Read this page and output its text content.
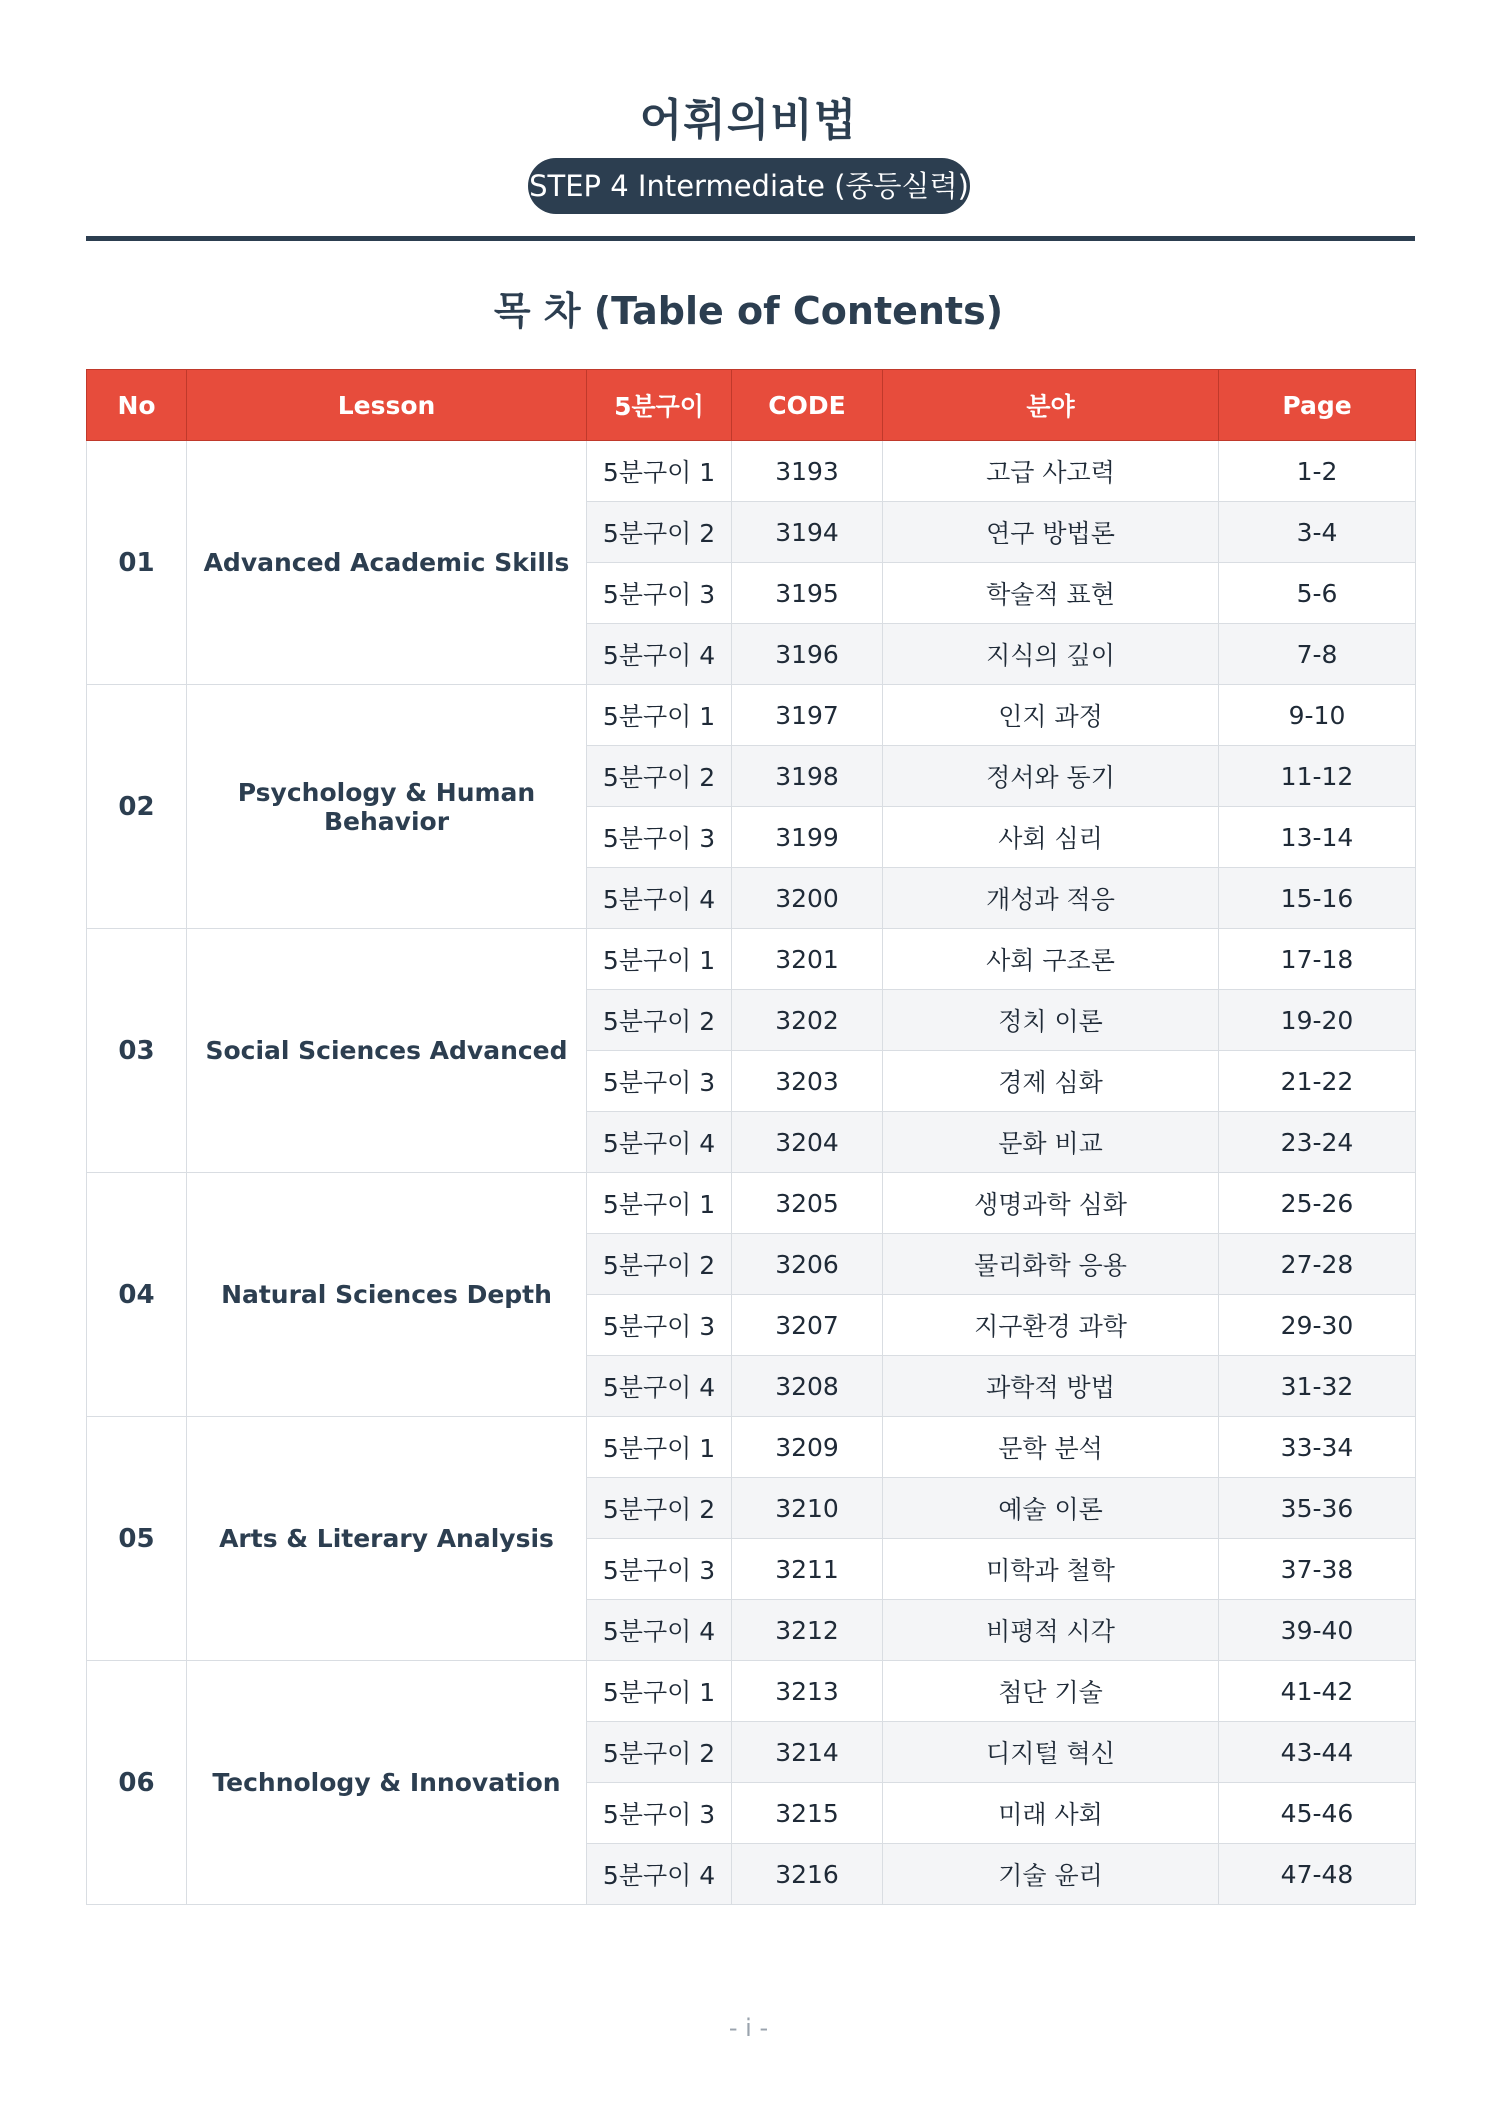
어휘의비법
STEP 4 Intermediate (중등실력)
목 차 (Table of Contents)
No	Lesson	5분구이	CODE	분야	Page
01	Advanced Academic Skills	5분구이 1	3193	고급 사고력	1-2
		5분구이 2	3194	연구 방법론	3-4
		5분구이 3	3195	학술적 표현	5-6
		5분구이 4	3196	지식의 깊이	7-8
02	Psychology & Human Behavior	5분구이 1	3197	인지 과정	9-10
		5분구이 2	3198	정서와 동기	11-12
		5분구이 3	3199	사회 심리	13-14
		5분구이 4	3200	개성과 적응	15-16
03	Social Sciences Advanced	5분구이 1	3201	사회 구조론	17-18
		5분구이 2	3202	정치 이론	19-20
		5분구이 3	3203	경제 심화	21-22
		5분구이 4	3204	문화 비교	23-24
04	Natural Sciences Depth	5분구이 1	3205	생명과학 심화	25-26
		5분구이 2	3206	물리화학 응용	27-28
		5분구이 3	3207	지구환경 과학	29-30
		5분구이 4	3208	과학적 방법	31-32
05	Arts & Literary Analysis	5분구이 1	3209	문학 분석	33-34
		5분구이 2	3210	예술 이론	35-36
		5분구이 3	3211	미학과 철학	37-38
		5분구이 4	3212	비평적 시각	39-40
06	Technology & Innovation	5분구이 1	3213	첨단 기술	41-42
		5분구이 2	3214	디지털 혁신	43-44
		5분구이 3	3215	미래 사회	45-46
		5분구이 4	3216	기술 윤리	47-48
- i -
